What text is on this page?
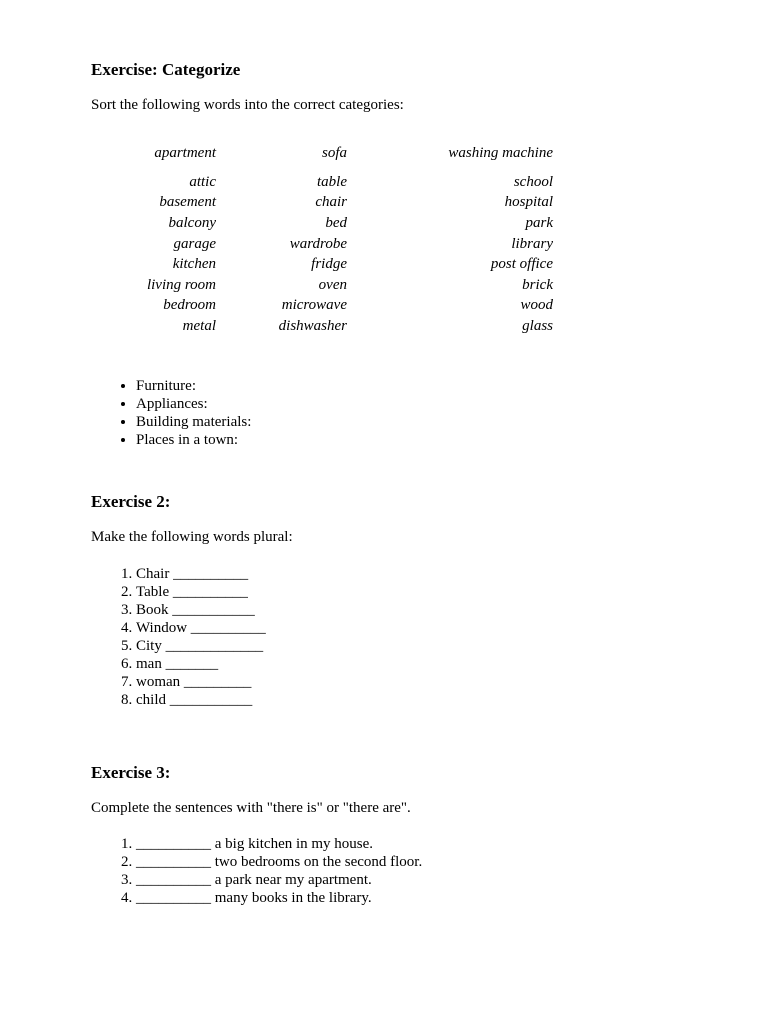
Exercise: Categorize

Sort the following words into the correct categories:

apartment	sofa	washing machine
attic	table	school
basement	chair	hospital
balcony	bed	park
garage	wardrobe	library
kitchen	fridge	post office
living room	oven	brick
bedroom	microwave	wood
metal	dishwasher	glass
• Furniture:
• Appliances:
• Building materials:
• Places in a town:
Exercise 2:

Make the following words plural:

1. Chair __________
2. Table __________
3. Book ___________
4. Window __________
5. City _____________
6. man _______
7. woman _________
8. child ___________
Exercise 3:

Complete the sentences with "there is" or "there are".

1. __________ a big kitchen in my house.
2. __________ two bedrooms on the second floor.
3. __________ a park near my apartment.
4. __________ many books in the library.
